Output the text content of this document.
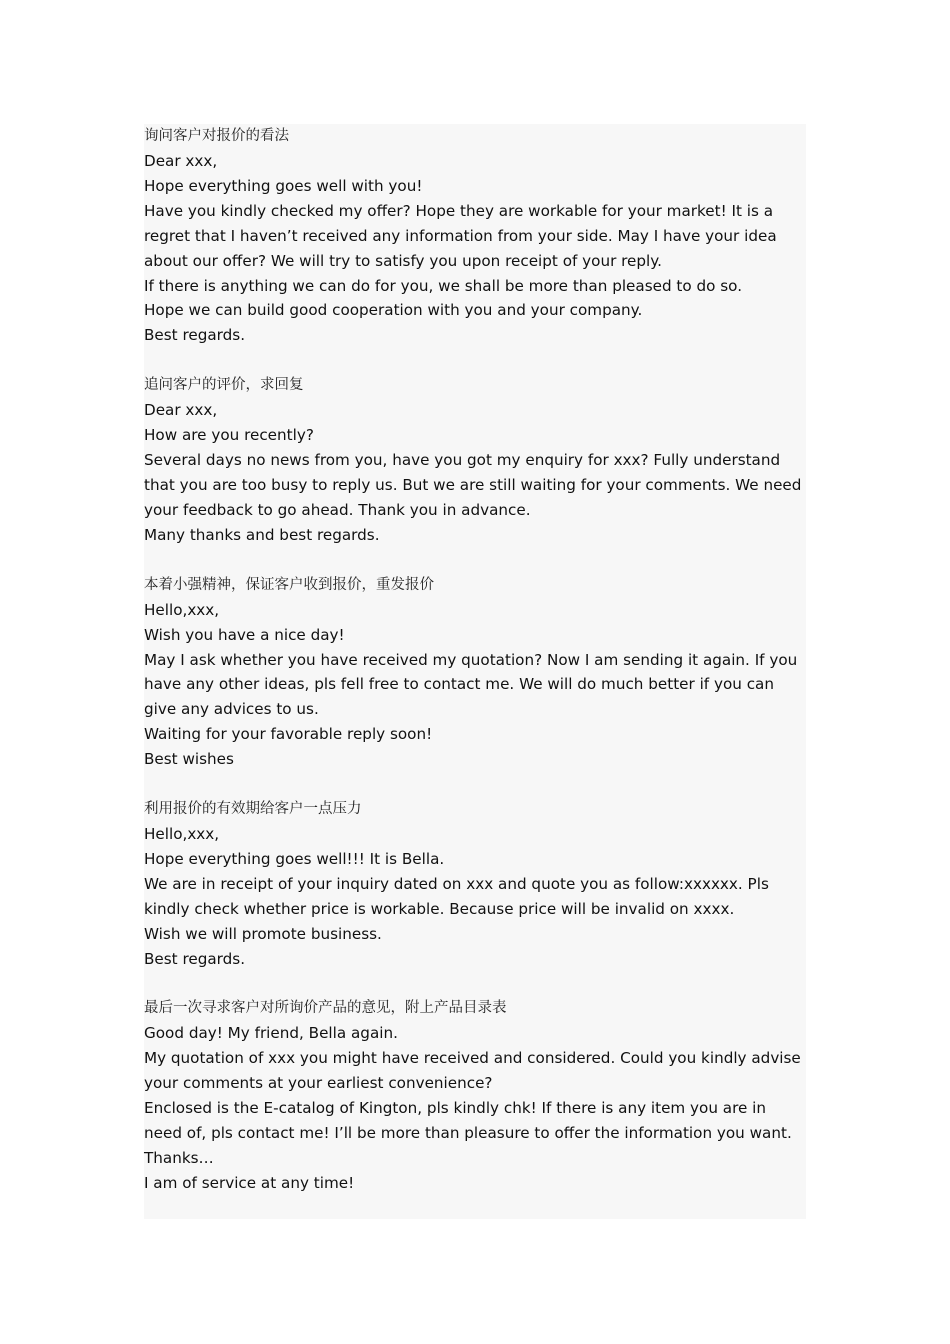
询问客户对报价的看法

Dear xxx,

Hope everything goes well with you!

Have you kindly checked my offer? Hope they are workable for your market! It is a regret that I haven’t received any information from your side. May I have your idea about our offer? We will try to satisfy you upon receipt of your reply.

If there is anything we can do for you, we shall be more than pleased to do so.

Hope we can build good cooperation with you and your company.

Best regards.

追问客户的评价，求回复

Dear xxx,

How are you recently?

Several days no news from you, have you got my enquiry for xxx? Fully understand that you are too busy to reply us. But we are still waiting for your comments. We need your feedback to go ahead. Thank you in advance.

Many thanks and best regards.

本着小强精神，保证客户收到报价，重发报价

Hello,xxx,

Wish you have a nice day!

May I ask whether you have received my quotation? Now I am sending it again. If you have any other ideas, pls fell free to contact me. We will do much better if you can give any advices to us.

Waiting for your favorable reply soon!

Best wishes

利用报价的有效期给客户一点压力

Hello,xxx,

Hope everything goes well!!! It is Bella.

We are in receipt of your inquiry dated on xxx and quote you as follow:xxxxxx. Pls kindly check whether price is workable. Because price will be invalid on xxxx.

Wish we will promote business.

Best regards.

最后一次寻求客户对所询价产品的意见，附上产品目录表

Good day! My friend, Bella again.

My quotation of xxx you might have received and considered. Could you kindly advise your comments at your earliest convenience?

Enclosed is the E-catalog of Kington, pls kindly chk! If there is any item you are in need of, pls contact me! I’ll be more than pleasure to offer the information you want.

Thanks…

I am of service at any time!
